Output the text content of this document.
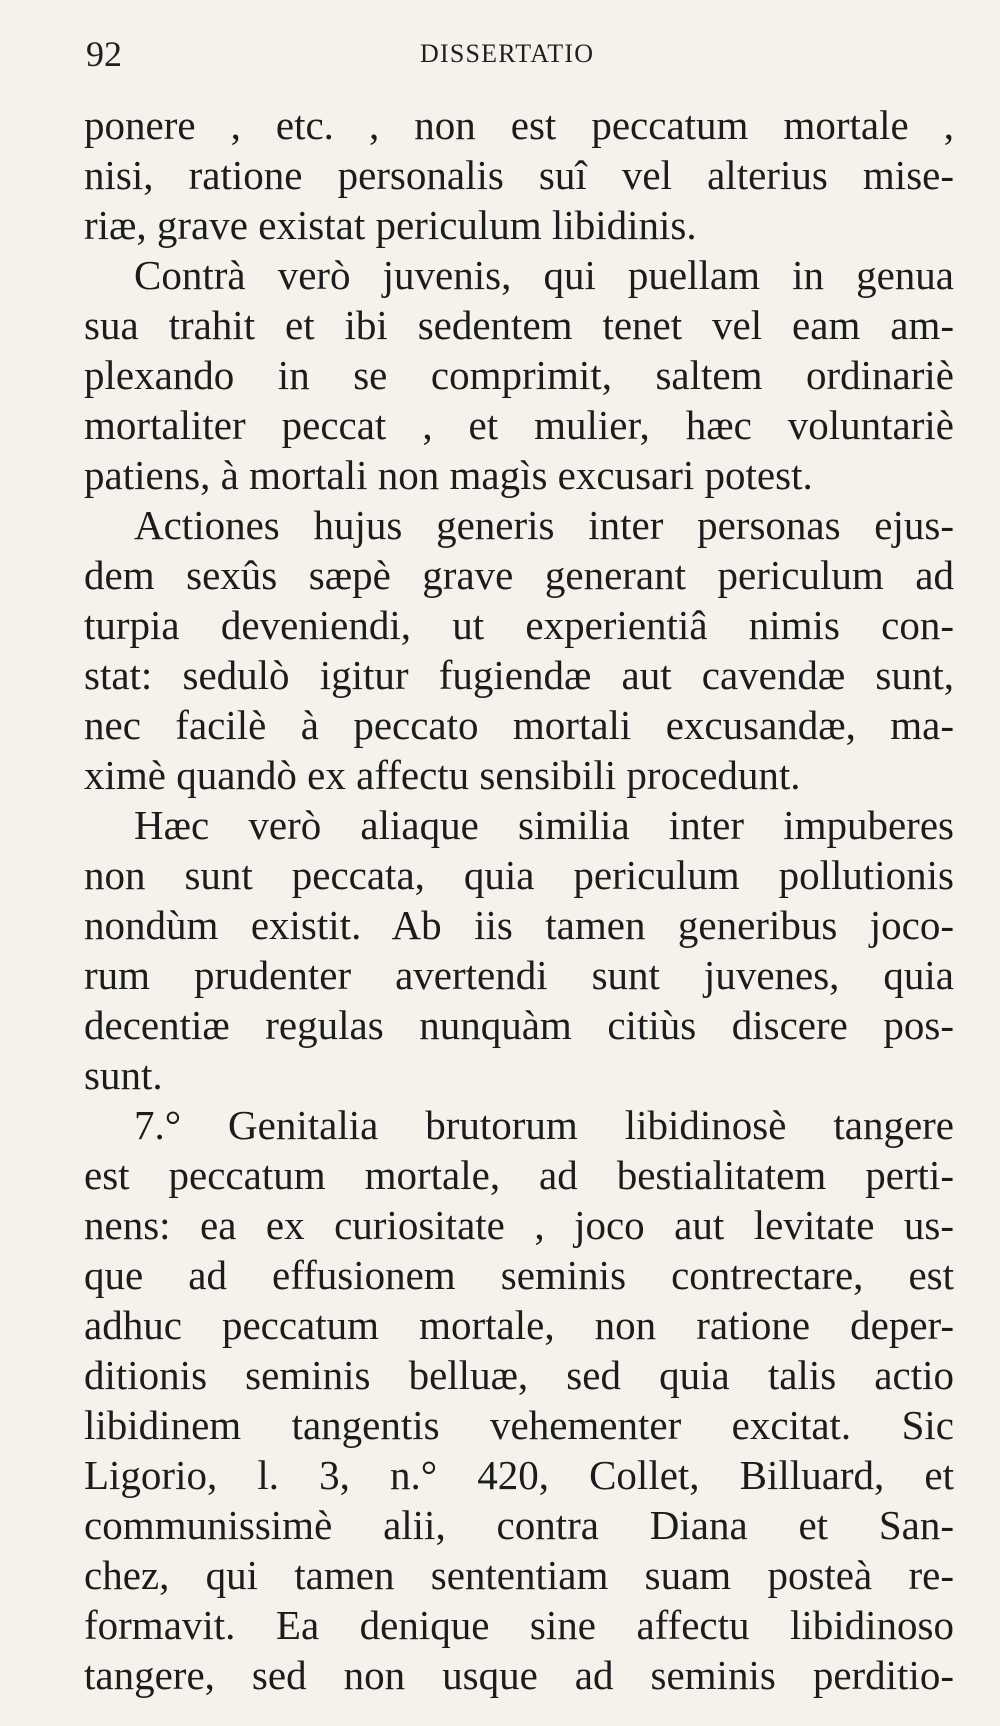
92	DISSERTATIO
ponere , etc. , non est peccatum mortale ,
nisi, ratione personalis suî vel alterius mise-
riæ, grave existat periculum libidinis.
Contrà verò juvenis, qui puellam in genua
sua trahit et ibi sedentem tenet vel eam am-
plexando in se comprimit, saltem ordinariè
mortaliter peccat , et mulier, hæc voluntariè
patiens, à mortali non magìs excusari potest.
Actiones hujus generis inter personas ejus-
dem sexûs sæpè grave generant periculum ad
turpia deveniendi, ut experientiâ nimis con-
stat: sedulò igitur fugiendæ aut cavendæ sunt,
nec facilè à peccato mortali excusandæ, ma-
ximè quandò ex affectu sensibili procedunt.
Hæc verò aliaque similia inter impuberes
non sunt peccata, quia periculum pollutionis
nondùm existit. Ab iis tamen generibus joco-
rum prudenter avertendi sunt juvenes, quia
decentiæ regulas nunquàm citiùs discere pos-
sunt.
7.° Genitalia brutorum libidinosè tangere
est peccatum mortale, ad bestialitatem perti-
nens: ea ex curiositate , joco aut levitate us-
que ad effusionem seminis contrectare, est
adhuc peccatum mortale, non ratione deper-
ditionis seminis belluæ, sed quia talis actio
libidinem tangentis vehementer excitat. Sic
Ligorio, l. 3, n.° 420, Collet, Billuard, et
communissimè alii, contra Diana et San-
chez, qui tamen sententiam suam posteà re-
formavit. Ea denique sine affectu libidinoso
tangere, sed non usque ad seminis perditio-
